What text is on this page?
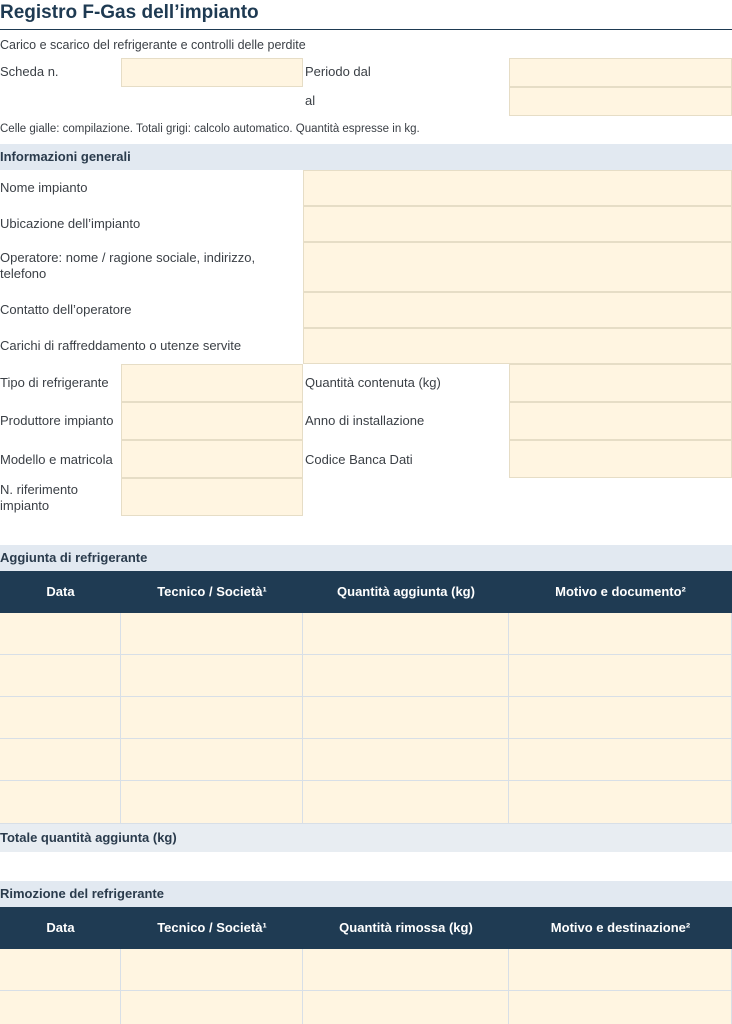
Registro F-Gas dell’impianto
Carico e scarico del refrigerante e controlli delle perdite
Scheda n.	Periodo dal
al
Celle gialle: compilazione. Totali grigi: calcolo automatico. Quantità espresse in kg.
Informazioni generali
Nome impianto
Ubicazione dell’impianto
Operatore: nome / ragione sociale, indirizzo, telefono
Contatto dell’operatore
Carichi di raffreddamento o utenze servite
Tipo di refrigerante	Quantità contenuta (kg)
Produttore impianto	Anno di installazione
Modello e matricola	Codice Banca Dati
N. riferimento impianto
Aggiunta di refrigerante
Data	Tecnico / Società¹	Quantità aggiunta (kg)	Motivo e documento²
Totale quantità aggiunta (kg)
Rimozione del refrigerante
Data	Tecnico / Società¹	Quantità rimossa (kg)	Motivo e destinazione²
